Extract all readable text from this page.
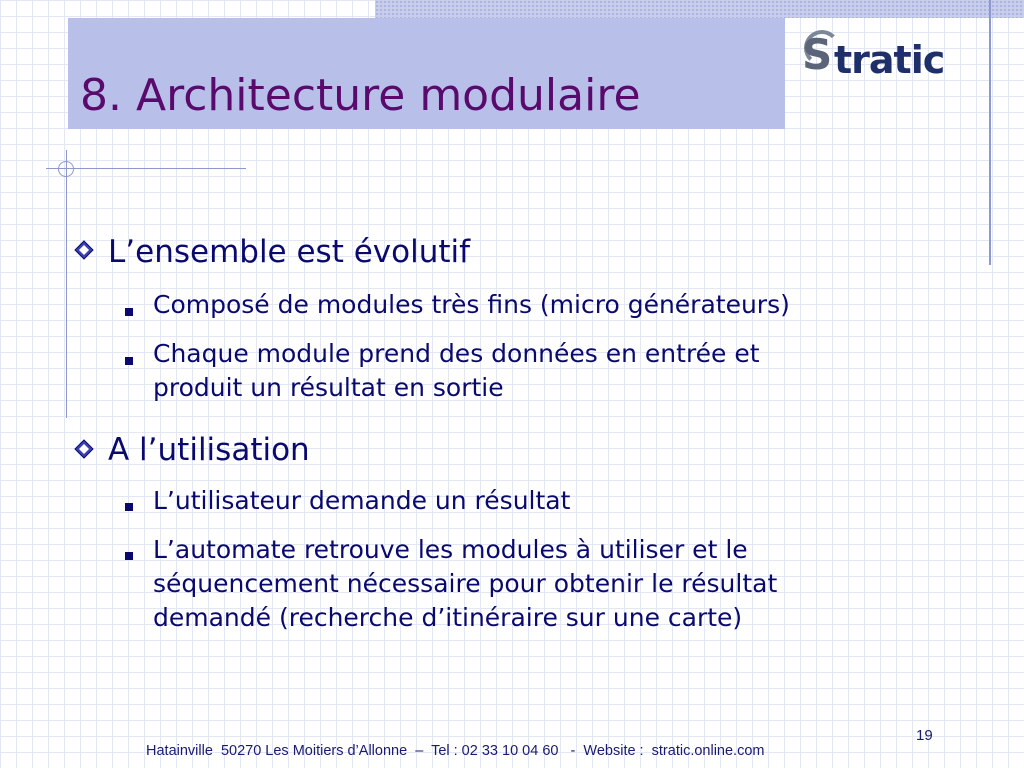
8. Architecture modulaire
S tratic
L’ensemble est évolutif
Composé de modules très fins (micro générateurs)
Chaque module prend des données en entrée et
produit un résultat en sortie
A l’utilisation
L’utilisateur demande un résultat
L’automate retrouve les modules à utiliser et le
séquencement nécessaire pour obtenir le résultat
demandé (recherche d’itinéraire sur une carte)
19
Hatainville  50270 Les Moitiers d’Allonne  –  Tel : 02 33 10 04 60   -  Website :  stratic.online.com
